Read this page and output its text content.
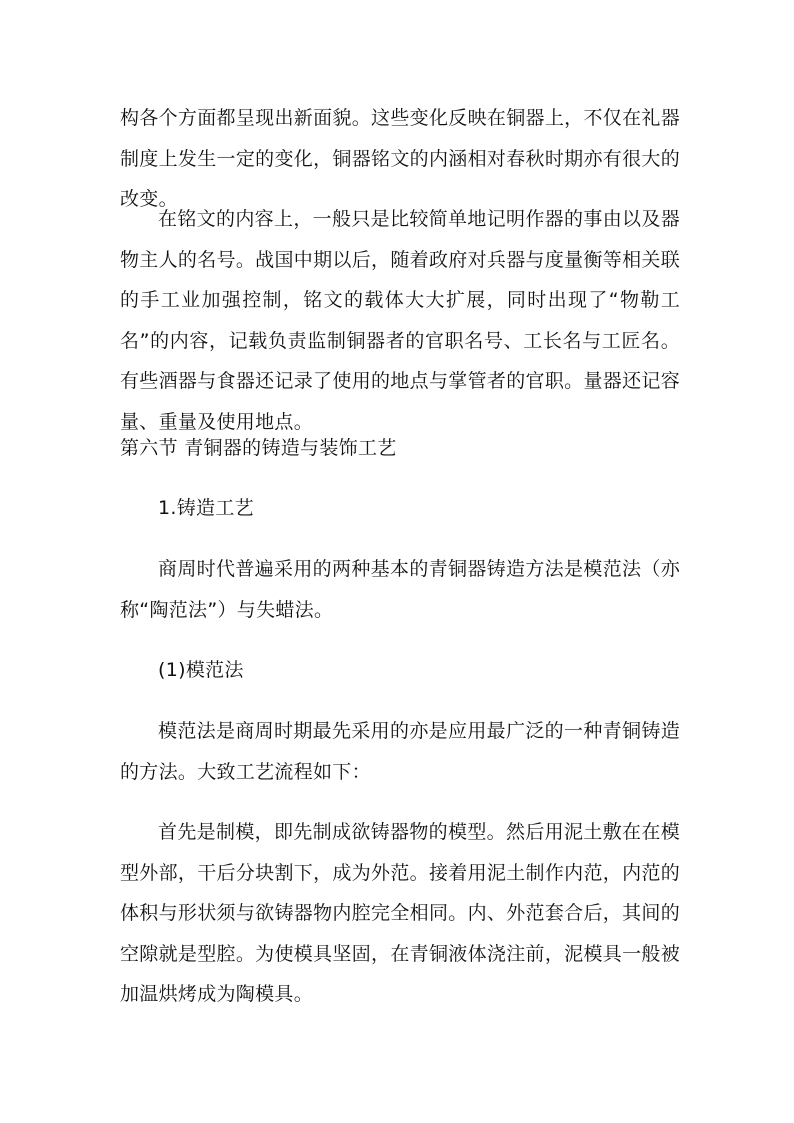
构各个方面都呈现出新面貌。这些变化反映在铜器上，不仅在礼器制度上发生一定的变化，铜器铭文的内涵相对春秋时期亦有很大的改变。

在铭文的内容上，一般只是比较简单地记明作器的事由以及器物主人的名号。战国中期以后，随着政府对兵器与度量衡等相关联的手工业加强控制，铭文的载体大大扩展，同时出现了“物勒工名”的内容，记载负责监制铜器者的官职名号、工长名与工匠名。有些酒器与食器还记录了使用的地点与掌管者的官职。量器还记容量、重量及使用地点。

第六节 青铜器的铸造与装饰工艺

1.铸造工艺

商周时代普遍采用的两种基本的青铜器铸造方法是模范法（亦称“陶范法”）与失蜡法。

(1)模范法

模范法是商周时期最先采用的亦是应用最广泛的一种青铜铸造的方法。大致工艺流程如下：

首先是制模，即先制成欲铸器物的模型。然后用泥土敷在在模型外部，干后分块割下，成为外范。接着用泥土制作内范，内范的体积与形状须与欲铸器物内腔完全相同。内、外范套合后，其间的空隙就是型腔。为使模具坚固，在青铜液体浇注前，泥模具一般被加温烘烤成为陶模具。
